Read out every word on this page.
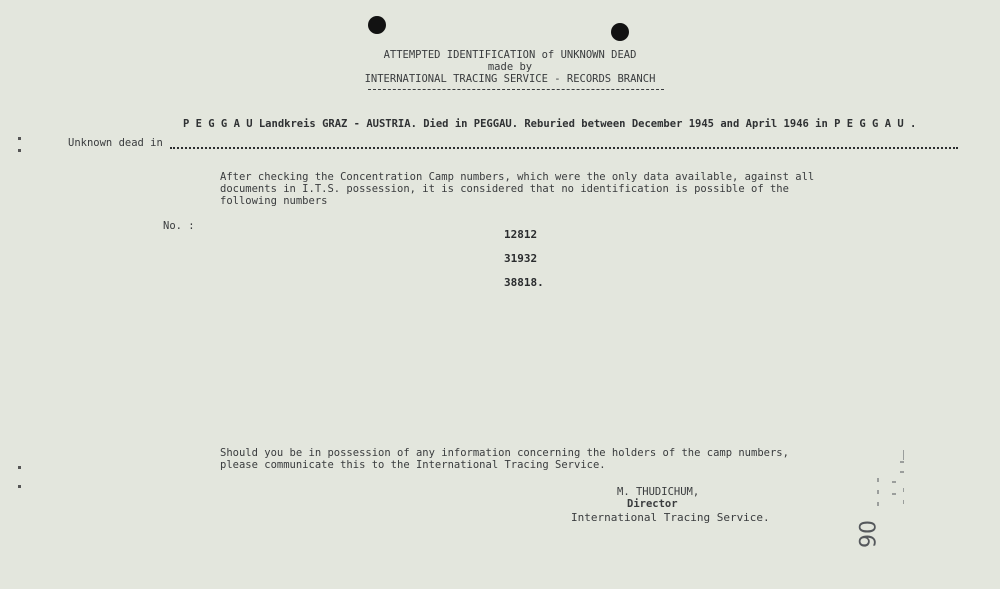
ATTEMPTED IDENTIFICATION of UNKNOWN DEAD
made by
INTERNATIONAL TRACING SERVICE - RECORDS BRANCH
P E G G A U Landkreis GRAZ - AUSTRIA. Died in PEGGAU. Reburied between December 1945 and April 1946 in P E G G A U .
Unknown dead in
After checking the Concentration Camp numbers, which were the only data available, against all
documents in I.T.S. possession, it is considered that no identification is possible of the
following numbers
No. :
12812
31932
38818.
Should you be in possession of any information concerning the holders of the camp numbers,
please communicate this to the International Tracing Service.
M. THUDICHUM,
Director
International Tracing Service.
06
